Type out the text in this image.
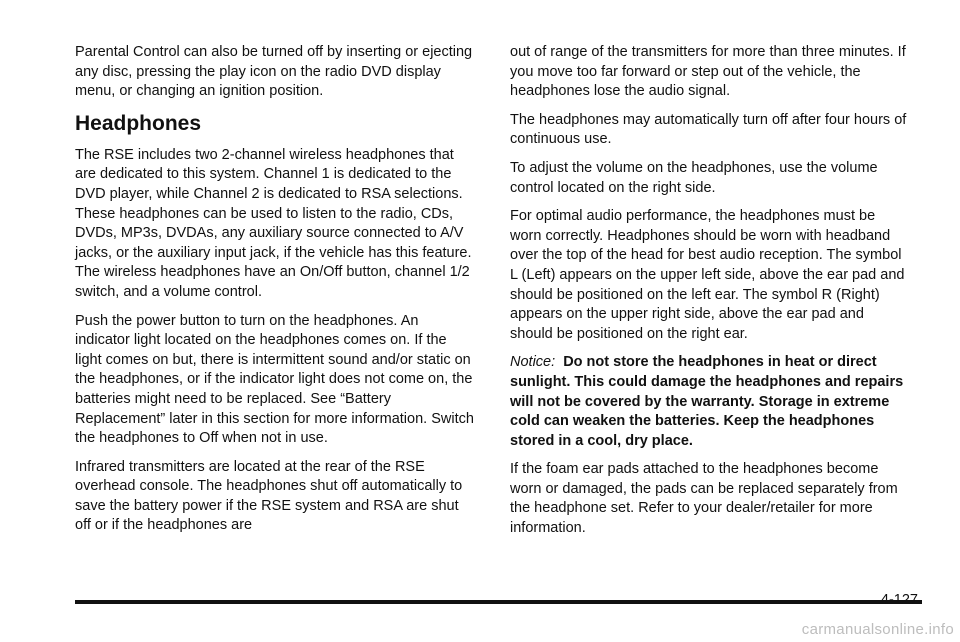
Parental Control can also be turned off by inserting or ejecting any disc, pressing the play icon on the radio DVD display menu, or changing an ignition position.

Headphones

The RSE includes two 2-channel wireless headphones that are dedicated to this system. Channel 1 is dedicated to the DVD player, while Channel 2 is dedicated to RSA selections. These headphones can be used to listen to the radio, CDs, DVDs, MP3s, DVDAs, any auxiliary source connected to A/V jacks, or the auxiliary input jack, if the vehicle has this feature. The wireless headphones have an On/Off button, channel 1/2 switch, and a volume control.

Push the power button to turn on the headphones. An indicator light located on the headphones comes on. If the light comes on but, there is intermittent sound and/or static on the headphones, or if the indicator light does not come on, the batteries might need to be replaced. See “Battery Replacement” later in this section for more information. Switch the headphones to Off when not in use.

Infrared transmitters are located at the rear of the RSE overhead console. The headphones shut off automatically to save the battery power if the RSE system and RSA are shut off or if the headphones are

out of range of the transmitters for more than three minutes. If you move too far forward or step out of the vehicle, the headphones lose the audio signal.

The headphones may automatically turn off after four hours of continuous use.

To adjust the volume on the headphones, use the volume control located on the right side.

For optimal audio performance, the headphones must be worn correctly. Headphones should be worn with headband over the top of the head for best audio reception. The symbol L (Left) appears on the upper left side, above the ear pad and should be positioned on the left ear. The symbol R (Right) appears on the upper right side, above the ear pad and should be positioned on the right ear.

Notice: Do not store the headphones in heat or direct sunlight. This could damage the headphones and repairs will not be covered by the warranty. Storage in extreme cold can weaken the batteries. Keep the headphones stored in a cool, dry place.

If the foam ear pads attached to the headphones become worn or damaged, the pads can be replaced separately from the headphone set. Refer to your dealer/retailer for more information.

4-127
carmanualsonline.info
